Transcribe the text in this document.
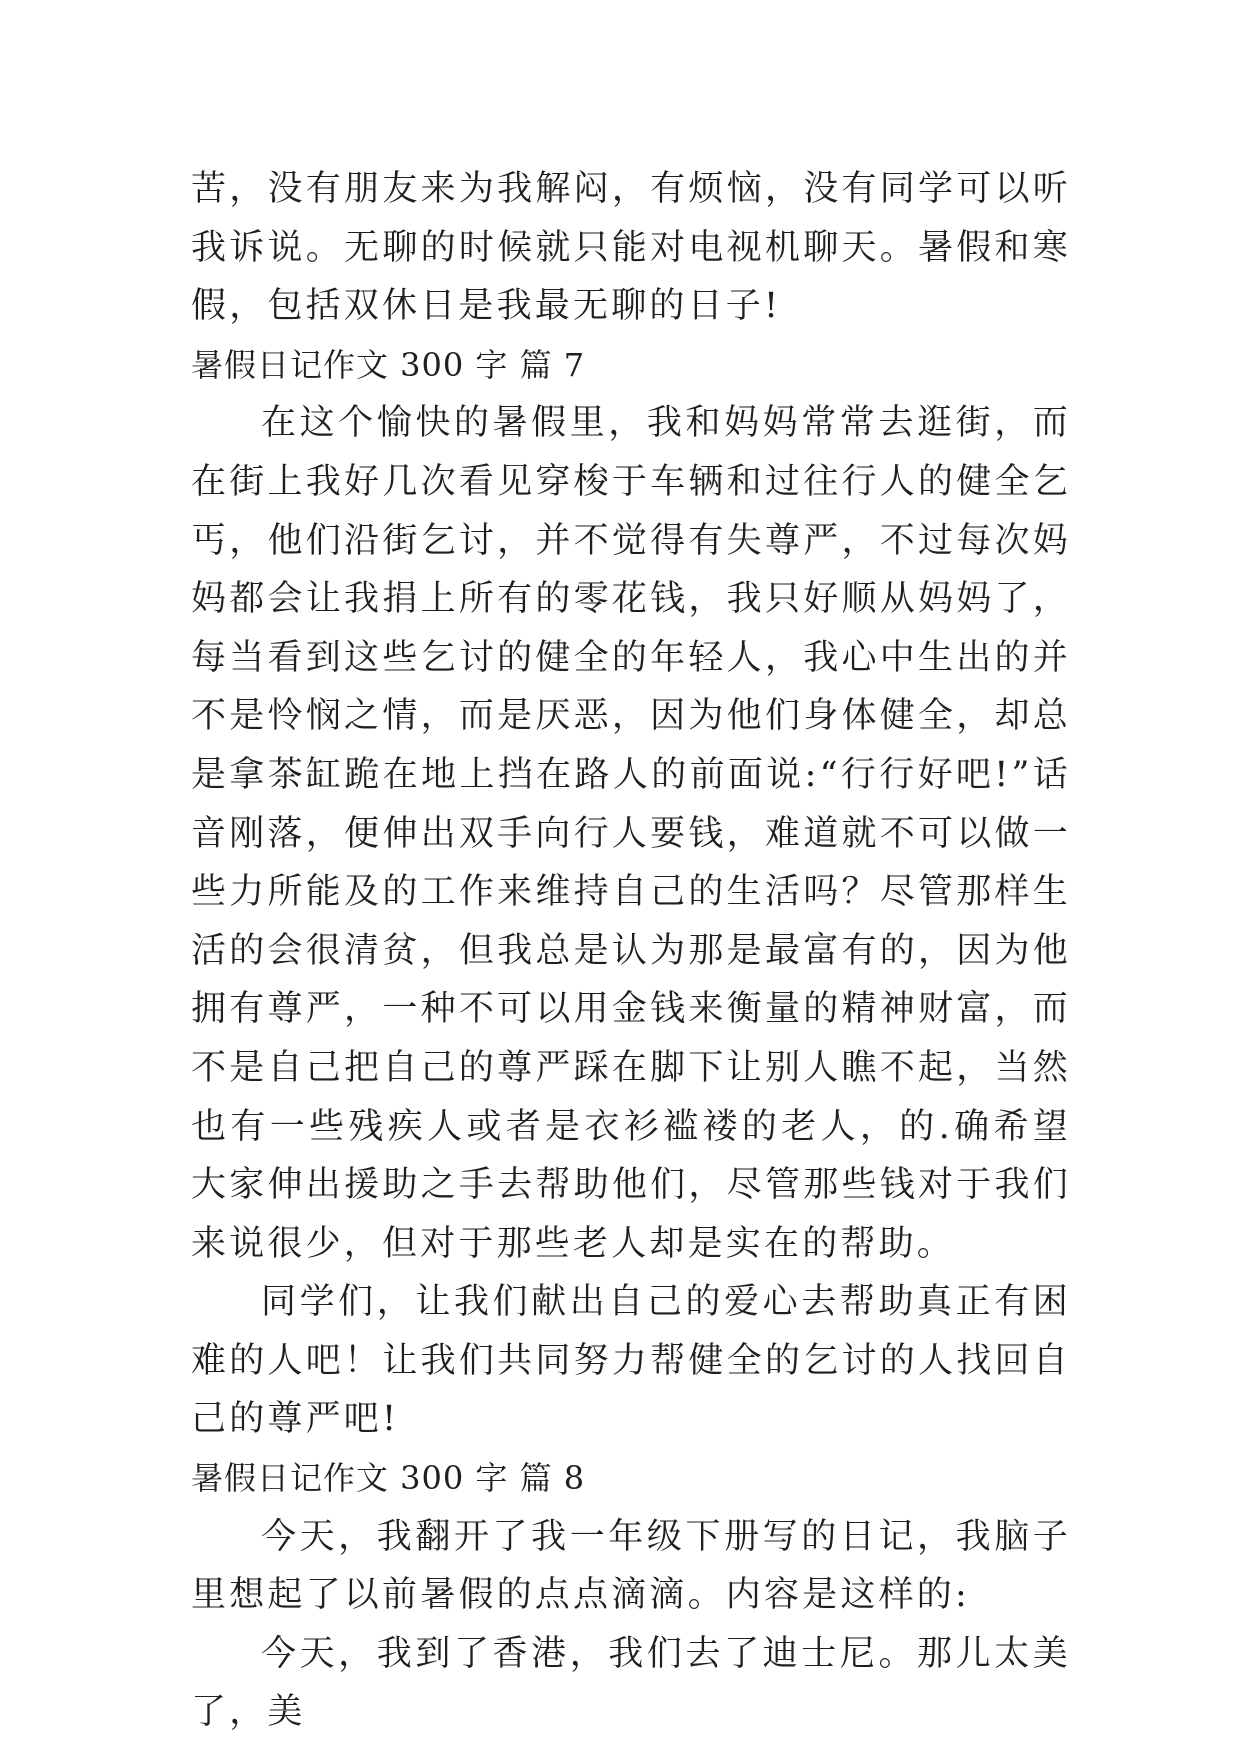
苦，没有朋友来为我解闷，有烦恼，没有同学可以听我诉说。无聊的时候就只能对电视机聊天。暑假和寒假，包括双休日是我最无聊的日子!

暑假日记作文 300 字 篇 7

在这个愉快的暑假里，我和妈妈常常去逛街，而在街上我好几次看见穿梭于车辆和过往行人的健全乞丐，他们沿街乞讨，并不觉得有失尊严，不过每次妈妈都会让我捐上所有的零花钱，我只好顺从妈妈了，每当看到这些乞讨的健全的年轻人，我心中生出的并不是怜悯之情，而是厌恶，因为他们身体健全，却总是拿茶缸跪在地上挡在路人的前面说:“行行好吧!”话音刚落，便伸出双手向行人要钱，难道就不可以做一些力所能及的工作来维持自己的生活吗？尽管那样生活的会很清贫，但我总是认为那是最富有的，因为他拥有尊严，一种不可以用金钱来衡量的精神财富，而不是自己把自己的尊严踩在脚下让别人瞧不起，当然也有一些残疾人或者是衣衫褴褛的老人，的.确希望大家伸出援助之手去帮助他们，尽管那些钱对于我们来说很少，但对于那些老人却是实在的帮助。

同学们，让我们献出自己的爱心去帮助真正有困难的人吧！让我们共同努力帮健全的乞讨的人找回自己的尊严吧!

暑假日记作文 300 字 篇 8

今天，我翻开了我一年级下册写的日记，我脑子里想起了以前暑假的点点滴滴。内容是这样的:

今天，我到了香港，我们去了迪士尼。那儿太美了，美
